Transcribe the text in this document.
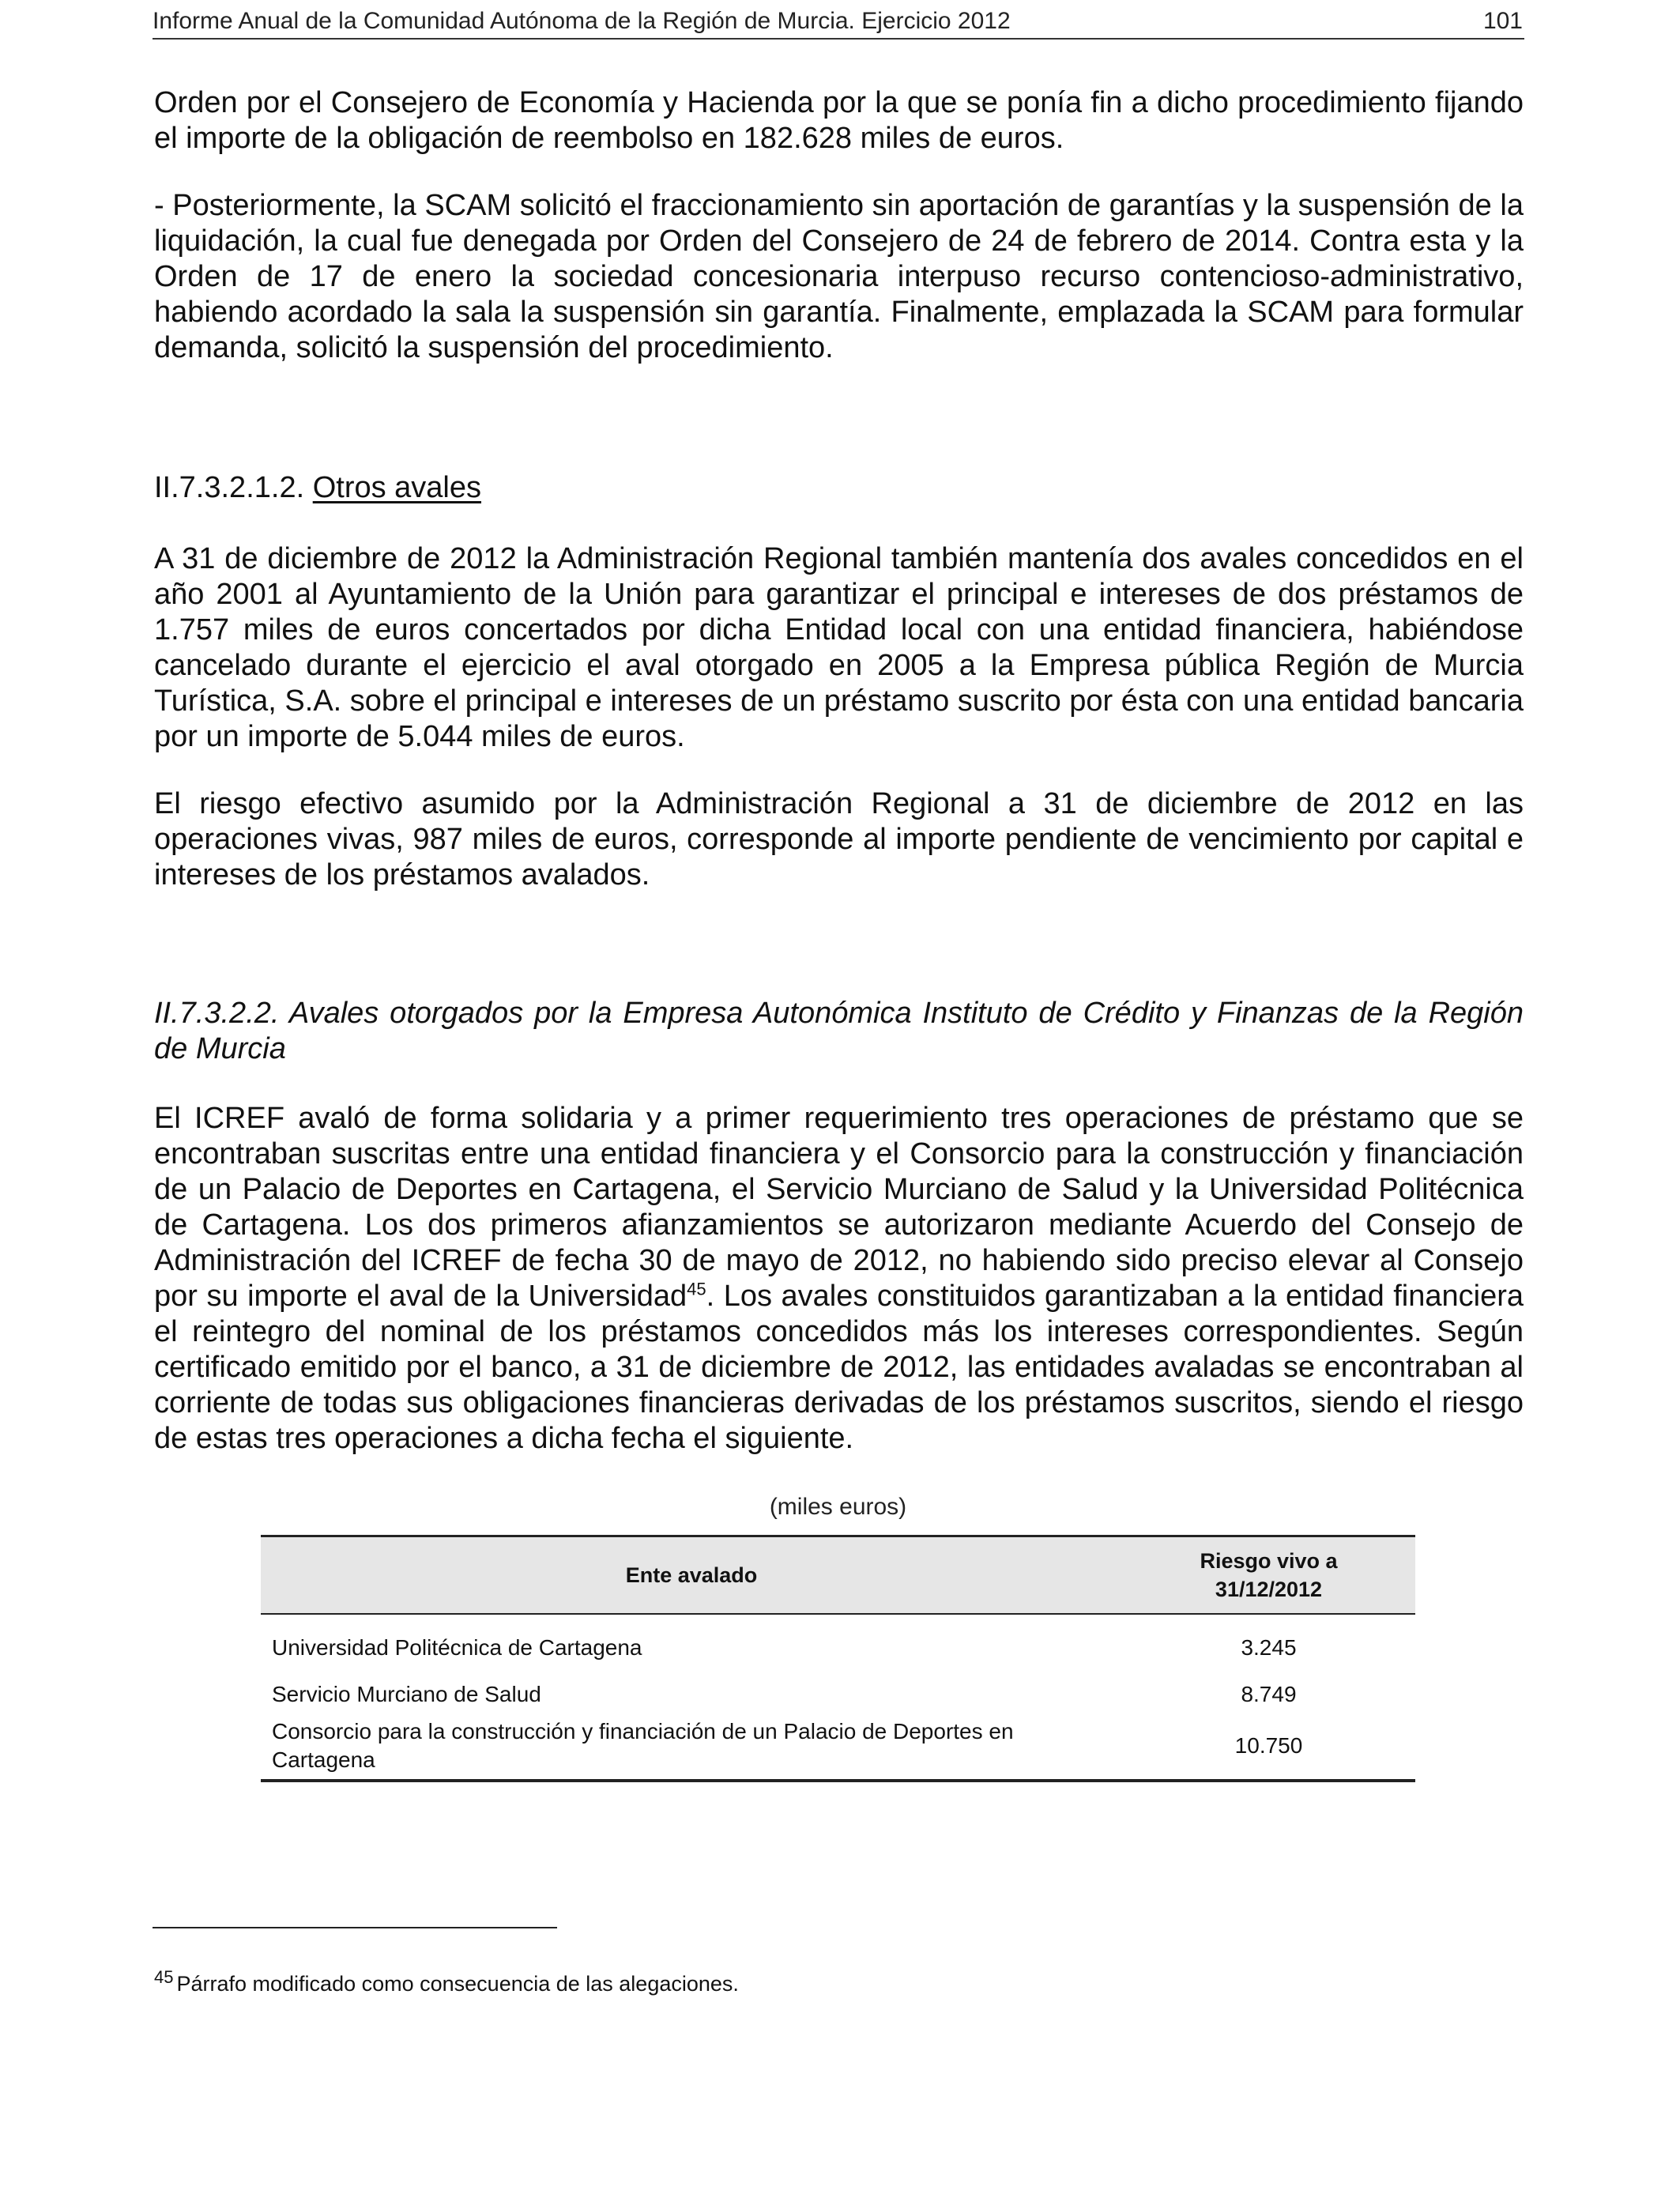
Informe Anual de la Comunidad Autónoma de la Región de Murcia. Ejercicio 2012	101

Orden por el Consejero de Economía y Hacienda por la que se ponía fin a dicho procedimiento fijando el importe de la obligación de reembolso en 182.628 miles de euros.

- Posteriormente, la SCAM solicitó el fraccionamiento sin aportación de garantías y la suspensión de la liquidación, la cual fue denegada por Orden del Consejero de 24 de febrero de 2014. Contra esta y la Orden de 17 de enero la sociedad concesionaria interpuso recurso contencioso-administrativo, habiendo acordado la sala la suspensión sin garantía. Finalmente, emplazada la SCAM para formular demanda, solicitó la suspensión del procedimiento.

II.7.3.2.1.2. Otros avales

A 31 de diciembre de 2012 la Administración Regional también mantenía dos avales concedidos en el año 2001 al Ayuntamiento de la Unión para garantizar el principal e intereses de dos préstamos de 1.757 miles de euros concertados por dicha Entidad local con una entidad financiera, habiéndose cancelado durante el ejercicio el aval otorgado en 2005 a la Empresa pública Región de Murcia Turística, S.A. sobre el principal e intereses de un préstamo suscrito por ésta con una entidad bancaria por un importe de 5.044 miles de euros.

El riesgo efectivo asumido por la Administración Regional a 31 de diciembre de 2012 en las operaciones vivas, 987 miles de euros, corresponde al importe pendiente de vencimiento por capital e intereses de los préstamos avalados.

II.7.3.2.2. Avales otorgados por la Empresa Autonómica Instituto de Crédito y Finanzas de la Región de Murcia

El ICREF avaló de forma solidaria y a primer requerimiento tres operaciones de préstamo que se encontraban suscritas entre una entidad financiera y el Consorcio para la construcción y financiación de un Palacio de Deportes en Cartagena, el Servicio Murciano de Salud y la Universidad Politécnica de Cartagena. Los dos primeros afianzamientos se autorizaron mediante Acuerdo del Consejo de Administración del ICREF de fecha 30 de mayo de 2012, no habiendo sido preciso elevar al Consejo por su importe el aval de la Universidad$^{45}$. Los avales constituidos garantizaban a la entidad financiera el reintegro del nominal de los préstamos concedidos más los intereses correspondientes. Según certificado emitido por el banco, a 31 de diciembre de 2012, las entidades avaladas se encontraban al corriente de todas sus obligaciones financieras derivadas de los préstamos suscritos, siendo el riesgo de estas tres operaciones a dicha fecha el siguiente.

(miles euros)
Ente avalado	Riesgo vivo a
31/12/2012
Universidad Politécnica de Cartagena	3.245
Servicio Murciano de Salud	8.749
Consorcio para la construcción y financiación de un Palacio de Deportes en Cartagena	10.750

$^{45}$ Párrafo modificado como consecuencia de las alegaciones.
